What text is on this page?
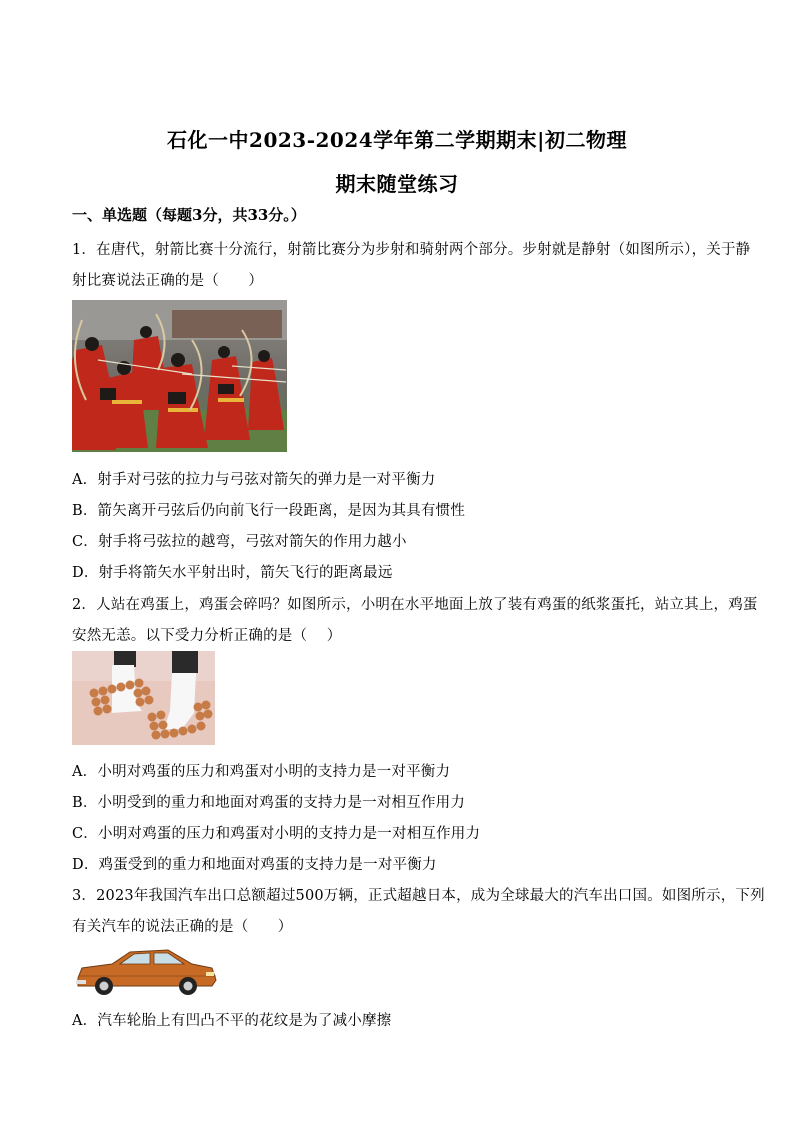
石化一中2023-2024学年第二学期期末|初二物理
期末随堂练习
一、单选题（每题3分，共33分。）
1．在唐代，射箭比赛十分流行，射箭比赛分为步射和骑射两个部分。步射就是静射（如图所示），关于静
射比赛说法正确的是（　　）
A．射手对弓弦的拉力与弓弦对箭矢的弹力是一对平衡力
B．箭矢离开弓弦后仍向前飞行一段距离，是因为其具有惯性
C．射手将弓弦拉的越弯，弓弦对箭矢的作用力越小
D．射手将箭矢水平射出时，箭矢飞行的距离最远
2．人站在鸡蛋上，鸡蛋会碎吗？如图所示，小明在水平地面上放了装有鸡蛋的纸浆蛋托，站立其上，鸡蛋
安然无恙。以下受力分析正确的是（　 ）
A．小明对鸡蛋的压力和鸡蛋对小明的支持力是一对平衡力
B．小明受到的重力和地面对鸡蛋的支持力是一对相互作用力
C．小明对鸡蛋的压力和鸡蛋对小明的支持力是一对相互作用力
D．鸡蛋受到的重力和地面对鸡蛋的支持力是一对平衡力
3．2023年我国汽车出口总额超过500万辆，正式超越日本，成为全球最大的汽车出口国。如图所示，下列
有关汽车的说法正确的是（　　）
A．汽车轮胎上有凹凸不平的花纹是为了减小摩擦
